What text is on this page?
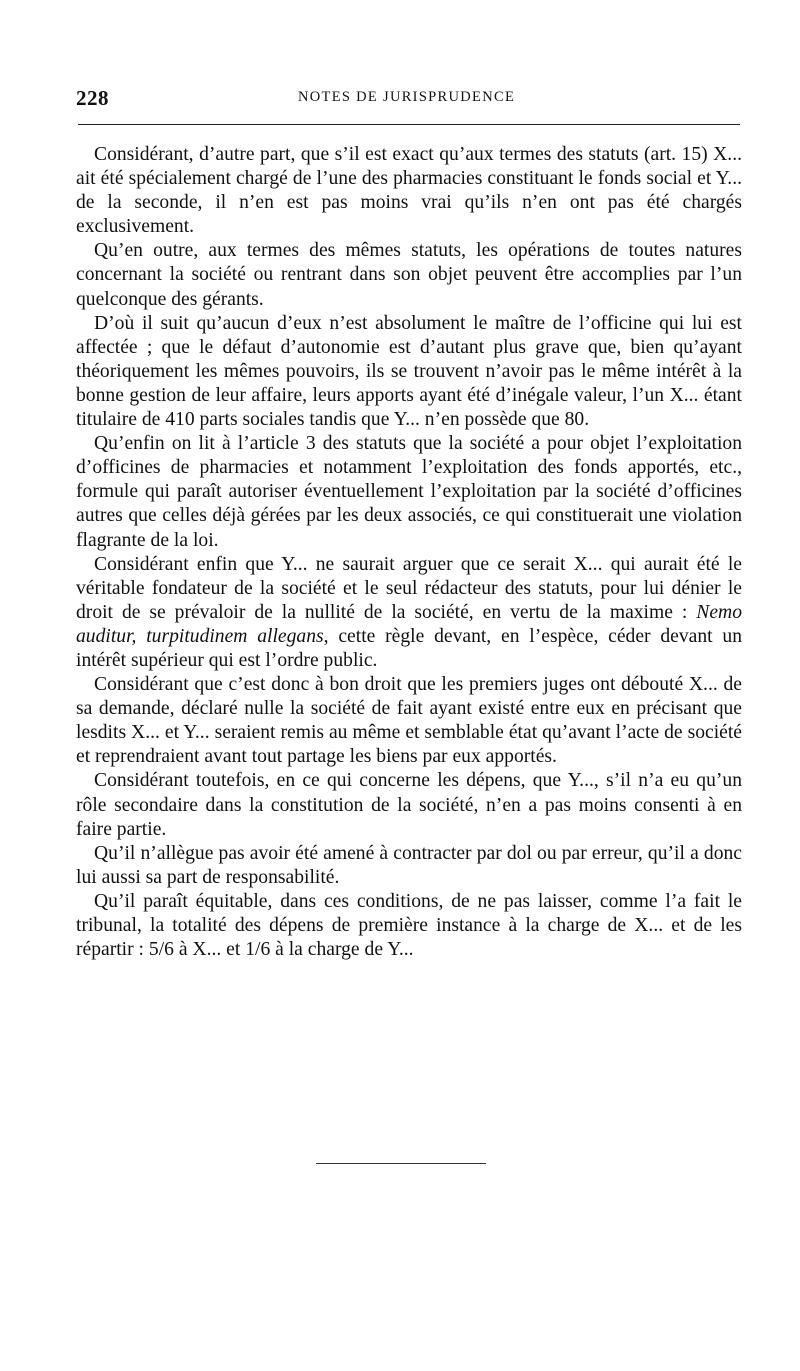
228	NOTES DE JURISPRUDENCE

Considérant, d’autre part, que s’il est exact qu’aux termes des statuts (art. 15) X... ait été spécialement chargé de l’une des pharmacies constituant le fonds social et Y... de la seconde, il n’en est pas moins vrai qu’ils n’en ont pas été chargés exclusivement.

Qu’en outre, aux termes des mêmes statuts, les opérations de toutes natures concernant la société ou rentrant dans son objet peuvent être accomplies par l’un quelconque des gérants.

D’où il suit qu’aucun d’eux n’est absolument le maître de l’officine qui lui est affectée ; que le défaut d’autonomie est d’autant plus grave que, bien qu’ayant théoriquement les mêmes pouvoirs, ils se trouvent n’avoir pas le même intérêt à la bonne gestion de leur affaire, leurs apports ayant été d’inégale valeur, l’un X... étant titulaire de 410 parts sociales tandis que Y... n’en possède que 80.

Qu’enfin on lit à l’article 3 des statuts que la société a pour objet l’exploitation d’officines de pharmacies et notamment l’exploitation des fonds apportés, etc., formule qui paraît autoriser éventuellement l’exploitation par la société d’officines autres que celles déjà gérées par les deux associés, ce qui constituerait une violation flagrante de la loi.

Considérant enfin que Y... ne saurait arguer que ce serait X... qui aurait été le véritable fondateur de la société et le seul rédacteur des statuts, pour lui dénier le droit de se prévaloir de la nullité de la société, en vertu de la maxime : Nemo auditur, turpitudinem allegans, cette règle devant, en l’espèce, céder devant un intérêt supérieur qui est l’ordre public.

Considérant que c’est donc à bon droit que les premiers juges ont débouté X... de sa demande, déclaré nulle la société de fait ayant existé entre eux en précisant que lesdits X... et Y... seraient remis au même et semblable état qu’avant l’acte de société et reprendraient avant tout partage les biens par eux apportés.

Considérant toutefois, en ce qui concerne les dépens, que Y..., s’il n’a eu qu’un rôle secondaire dans la constitution de la société, n’en a pas moins consenti à en faire partie.

Qu’il n’allègue pas avoir été amené à contracter par dol ou par erreur, qu’il a donc lui aussi sa part de responsabilité.

Qu’il paraît équitable, dans ces conditions, de ne pas laisser, comme l’a fait le tribunal, la totalité des dépens de première instance à la charge de X... et de les répartir : 5/6 à X... et 1/6 à la charge de Y...
